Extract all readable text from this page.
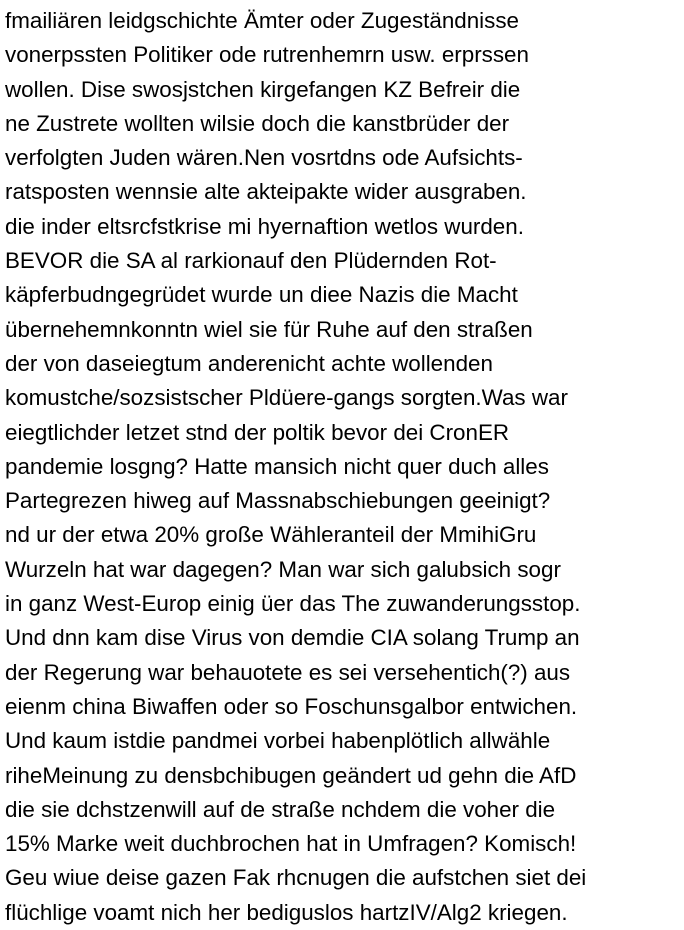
fmailiären leidgschichte Ämter oder Zugeständnisse
vonerpssten Politiker ode rutrenhemrn usw. erprssen
wollen. Dise swosjstchen kirgefangen KZ Befreir die
ne Zustrete wollten wilsie doch die kanstbrüder der
verfolgten Juden wären.Nen vosrtdns ode Aufsichts-
ratsposten wennsie alte akteipakte wider ausgraben.
die inder eltsrcfstkrise mi hyernaftion wetlos wurden.
BEVOR die SA al rarkionauf den Plüdernden Rot-
käpferbudngegrüdet wurde un diee Nazis die Macht
übernehemnkonntn wiel sie für Ruhe auf den straßen
der von daseiegtum anderenicht achte wollenden
komustche/sozsistscher Pldüere-gangs sorgten.Was war
eiegtlichder letzet stnd der poltik bevor dei CronER
pandemie losgng? Hatte mansich nicht quer duch alles
Partegrezen hiweg auf Massnabschiebungen geeinigt?
nd ur der etwa 20% große Wähleranteil der MmihiGru
Wurzeln hat war dagegen? Man war sich galubsich sogr
in ganz West-Europ einig üer das The zuwanderungsstop.
Und dnn kam dise Virus von demdie CIA solang Trump an
der Regerung war behauotete es sei versehentich(?) aus
eienm china Biwaffen oder so Foschunsgalbor entwichen.
Und kaum istdie pandmei vorbei habenplötlich allwähle
riheMeinung zu densbchibugen geändert ud gehn die AfD
die sie dchstzenwill auf de straße nchdem die voher die
15% Marke weit duchbrochen hat in Umfragen? Komisch!
Geu wiue deise gazen Fak rhcnugen die aufstchen siet dei
flüchlige voamt nich her bediguslos hartzIV/Alg2 kriegen.
